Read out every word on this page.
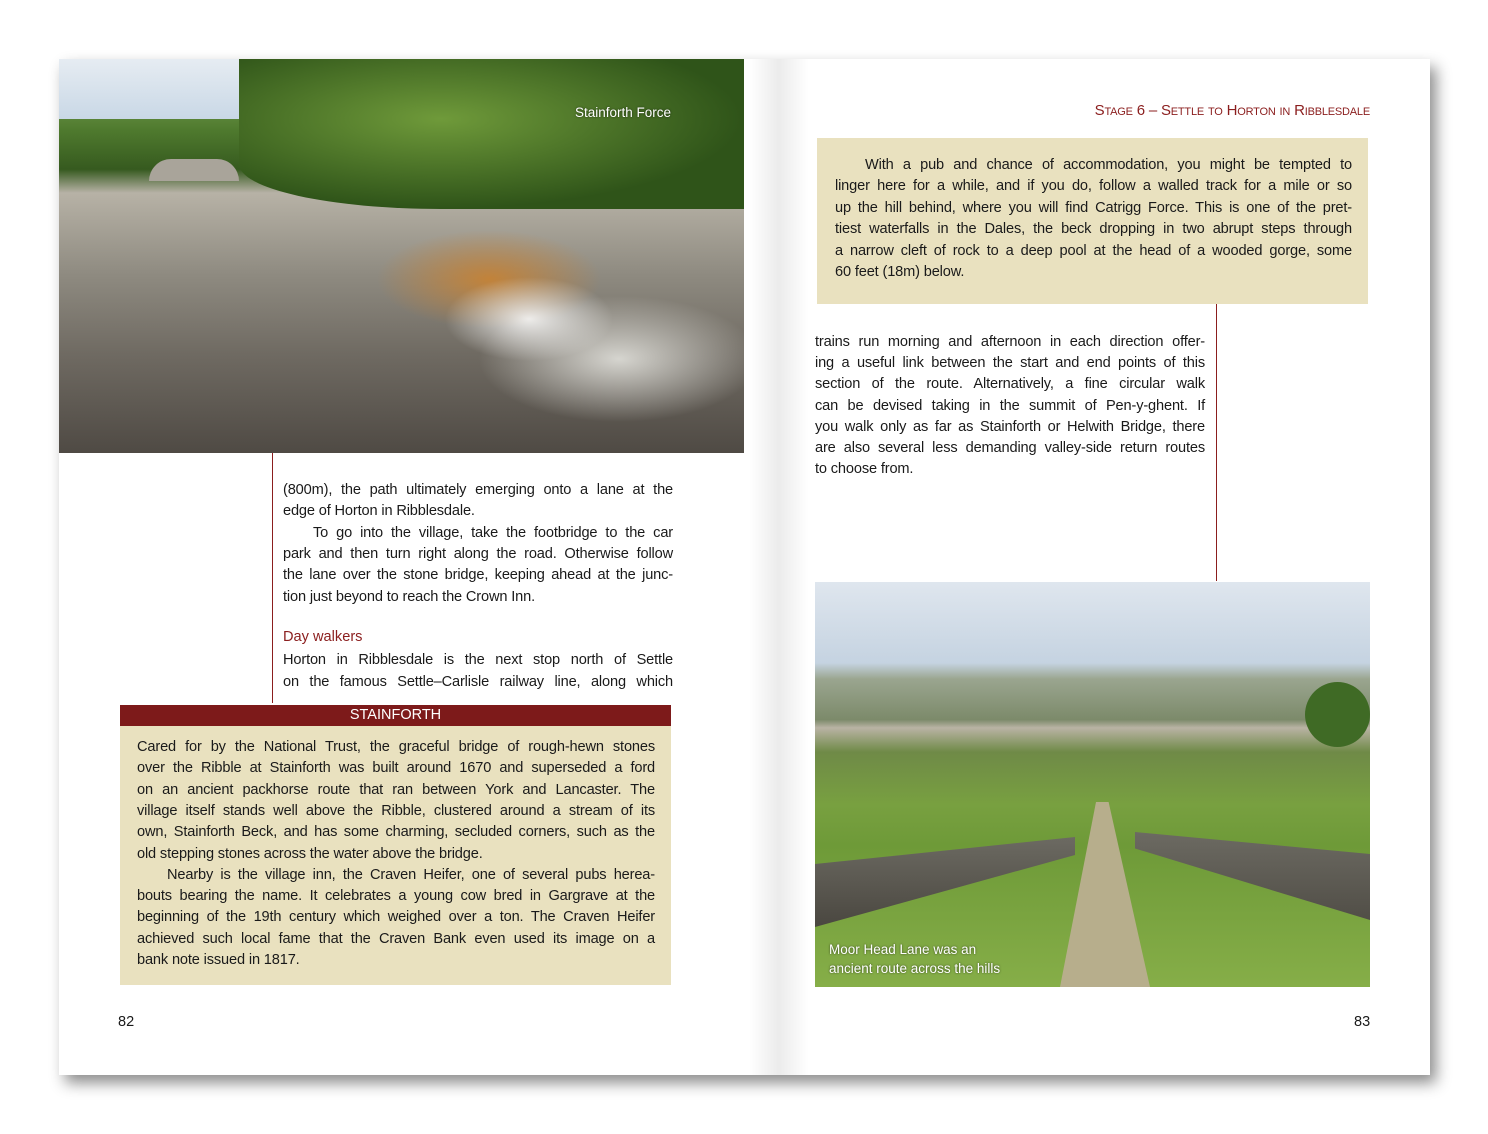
Stainforth Force
(800m), the path ultimately emerging onto a lane at the
edge of Horton in Ribblesdale.
To go into the village, take the footbridge to the car
park and then turn right along the road. Otherwise follow
the lane over the stone bridge, keeping ahead at the junc-
tion just beyond to reach the Crown Inn.
Horton in Ribblesdale is the next stop north of Settle
on the famous Settle–Carlisle railway line, along which
Day walkers
STAINFORTH
Cared for by the National Trust, the graceful bridge of rough-hewn stones
over the Ribble at Stainforth was built around 1670 and superseded a ford
on an ancient packhorse route that ran between York and Lancaster. The
village itself stands well above the Ribble, clustered around a stream of its
own, Stainforth Beck, and has some charming, secluded corners, such as the
old stepping stones across the water above the bridge.
Nearby is the village inn, the Craven Heifer, one of several pubs herea-
bouts bearing the name. It celebrates a young cow bred in Gargrave at the
beginning of the 19th century which weighed over a ton. The Craven Heifer
achieved such local fame that the Craven Bank even used its image on a
bank note issued in 1817.
82
Stage 6 – Settle to Horton in Ribblesdale
With a pub and chance of accommodation, you might be tempted to
linger here for a while, and if you do, follow a walled track for a mile or so
up the hill behind, where you will find Catrigg Force. This is one of the pret-
tiest waterfalls in the Dales, the beck dropping in two abrupt steps through
a narrow cleft of rock to a deep pool at the head of a wooded gorge, some
60 feet (18m) below.
trains run morning and afternoon in each direction offer-
ing a useful link between the start and end points of this
section of the route. Alternatively, a fine circular walk
can be devised taking in the summit of Pen-y-ghent. If
you walk only as far as Stainforth or Helwith Bridge, there
are also several less demanding valley-side return routes
to choose from.
Moor Head Lane was an
ancient route across the hills
83
